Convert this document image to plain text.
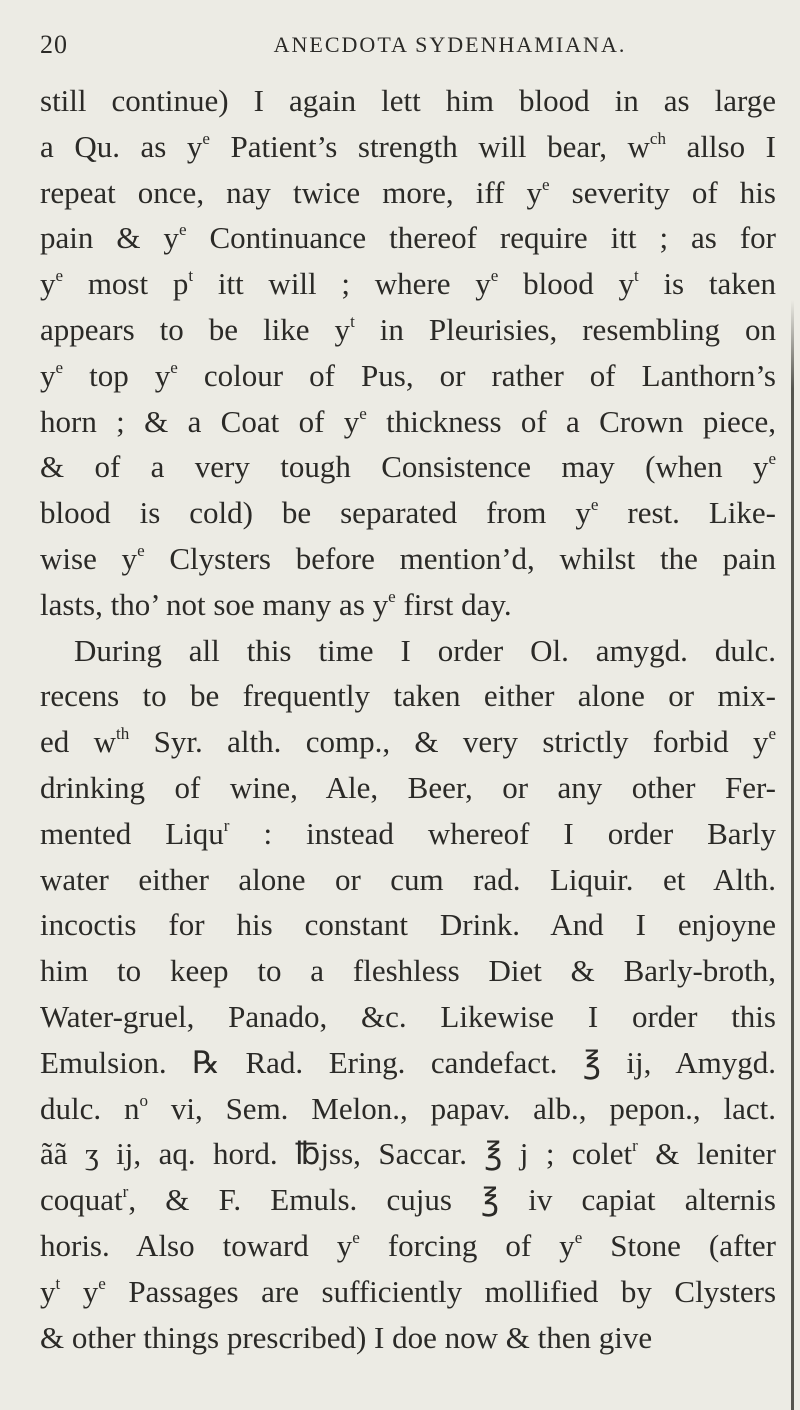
20	ANECDOTA SYDENHAMIANA.
still continue) I again lett him blood in as large
a Qu. as $y^e$ Patient’s strength will bear, $w^{ch}$ allso I
repeat once, nay twice more, iff $y^e$ severity of his
pain & $y^e$ Continuance thereof require itt ; as for
$y^e$ most $p^t$ itt will ; where $y^e$ blood $y^t$ is taken
appears to be like $y^t$ in Pleurisies, resembling on
$y^e$ top $y^e$ colour of Pus, or rather of Lanthorn’s
horn ; & a Coat of $y^e$ thickness of a Crown piece,
& of a very tough Consistence may (when $y^e$
blood is cold) be separated from $y^e$ rest. Like-
wise $y^e$ Clysters before mention’d, whilst the pain
lasts, tho’ not soe many as $y^e$ first day.
During all this time I order Ol. amygd. dulc.
recens to be frequently taken either alone or mix-
ed $w^{th}$ Syr. alth. comp., & very strictly forbid $y^e$
drinking of wine, Ale, Beer, or any other Fer-
mented Liqu$^r$ : instead whereof I order Barly
water either alone or cum rad. Liquir. et Alth.
incoctis for his constant Drink. And I enjoyne
him to keep to a fleshless Diet & Barly-broth,
Water-gruel, Panado, &c. Likewise I order this
Emulsion. ℞ Rad. Ering. candefact. ℥ ij, Amygd.
dulc. $n^o$ vi, Sem. Melon., papav. alb., pepon., lact.
ãã ʒ ij, aq. hord. ℔jss, Saccar. ℥ j ; colet$^r$ & leniter
coquat$^r$, & F. Emuls. cujus ℥ iv capiat alternis
horis. Also toward $y^e$ forcing of $y^e$ Stone (after
$y^t$ $y^e$ Passages are sufficiently mollified by Clysters
& other things prescribed) I doe now & then give
